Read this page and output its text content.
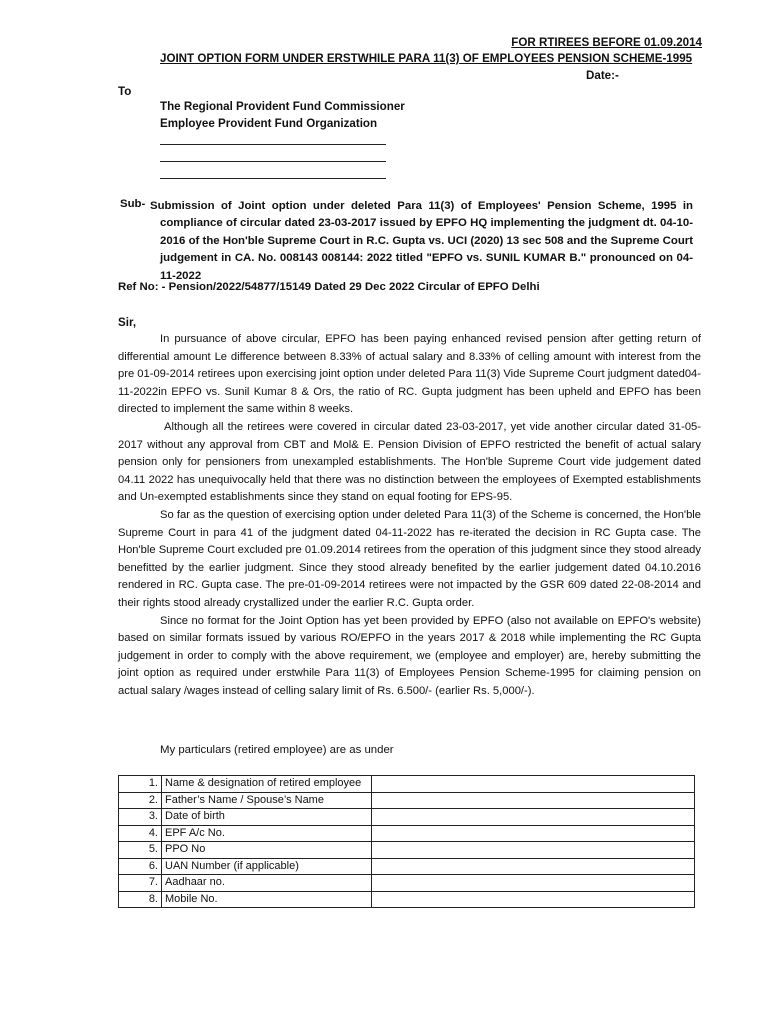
FOR RTIREES BEFORE 01.09.2014
JOINT OPTION FORM UNDER ERSTWHILE PARA 11(3) OF EMPLOYEES PENSION SCHEME-1995
Date:-
To
The Regional Provident Fund Commissioner
Employee Provident Fund Organization
Sub- Submission of Joint option under deleted Para 11(3) of Employees' Pension Scheme, 1995 in compliance of circular dated 23-03-2017 issued by EPFO HQ implementing the judgment dt. 04-10-2016 of the Hon'ble Supreme Court in R.C. Gupta vs. UCI (2020) 13 sec 508 and the Supreme Court judgement in CA. No. 008143 008144: 2022 titled "EPFO vs. SUNIL KUMAR B." pronounced on 04-11-2022
Ref No: - Pension/2022/54877/15149 Dated 29 Dec 2022 Circular of EPFO Delhi
Sir,

In pursuance of above circular, EPFO has been paying enhanced revised pension after getting return of differential amount Le difference between 8.33% of actual salary and 8.33% of celling amount with interest from the pre 01-09-2014 retirees upon exercising joint option under deleted Para 11(3) Vide Supreme Court judgment dated04-11-2022in EPFO vs. Sunil Kumar 8 & Ors, the ratio of RC. Gupta judgment has been upheld and EPFO has been directed to implement the same within 8 weeks.

Although all the retirees were covered in circular dated 23-03-2017, yet vide another circular dated 31-05-2017 without any approval from CBT and Mol& E. Pension Division of EPFO restricted the benefit of actual salary pension only for pensioners from unexampled establishments. The Hon'ble Supreme Court vide judgement dated 04.11 2022 has unequivocally held that there was no distinction between the employees of Exempted establishments and Un-exempted establishments since they stand on equal footing for EPS-95.

So far as the question of exercising option under deleted Para 11(3) of the Scheme is concerned, the Hon'ble Supreme Court in para 41 of the judgment dated 04-11-2022 has re-iterated the decision in RC Gupta case. The Hon'ble Supreme Court excluded pre 01.09.2014 retirees from the operation of this judgment since they stood already benefitted by the earlier judgment. Since they stood already benefited by the earlier judgement dated 04.10.2016 rendered in RC. Gupta case. The pre-01-09-2014 retirees were not impacted by the GSR 609 dated 22-08-2014 and their rights stood already crystallized under the earlier R.C. Gupta order.

Since no format for the Joint Option has yet been provided by EPFO (also not available on EPFO's website) based on similar formats issued by various RO/EPFO in the years 2017 & 2018 while implementing the RC Gupta judgement in order to comply with the above requirement, we (employee and employer) are, hereby submitting the joint option as required under erstwhile Para 11(3) of Employees Pension Scheme-1995 for claiming pension on actual salary /wages instead of celling salary limit of Rs. 6.500/- (earlier Rs. 5,000/-).

My particulars (retired employee) are as under
1.	Name & designation of retired employee	
2.	Father’s Name / Spouse’s Name	
3.	Date of birth	
4.	EPF A/c No.	
5.	PPO No	
6.	UAN Number (if applicable)	
7.	Aadhaar no.	
8.	Mobile No.	
